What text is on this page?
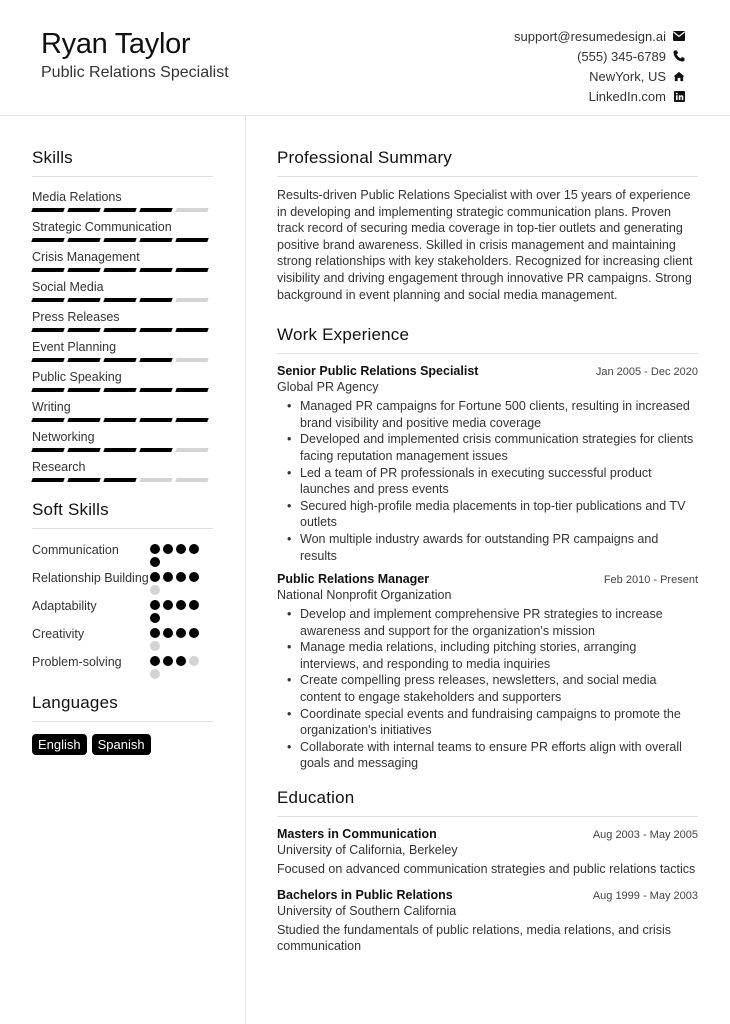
Ryan Taylor
Public Relations Specialist
support@resumedesign.ai
(555) 345-6789
NewYork, US
LinkedIn.com
Skills
Media Relations
Strategic Communication
Crisis Management
Social Media
Press Releases
Event Planning
Public Speaking
Writing
Networking
Research
Soft Skills
Communication
Relationship Building
Adaptability
Creativity
Problem-solving
Languages
English	Spanish
Professional Summary

Results-driven Public Relations Specialist with over 15 years of experience in developing and implementing strategic communication plans. Proven track record of securing media coverage in top-tier outlets and generating positive brand awareness. Skilled in crisis management and maintaining strong relationships with key stakeholders. Recognized for increasing client visibility and driving engagement through innovative PR campaigns. Strong background in event planning and social media management.

Work Experience
Senior Public Relations Specialist	Jan 2005 - Dec 2020
Global PR Agency
• Managed PR campaigns for Fortune 500 clients, resulting in increased brand visibility and positive media coverage
• Developed and implemented crisis communication strategies for clients facing reputation management issues
• Led a team of PR professionals in executing successful product launches and press events
• Secured high-profile media placements in top-tier publications and TV outlets
• Won multiple industry awards for outstanding PR campaigns and results
Public Relations Manager	Feb 2010 - Present
National Nonprofit Organization
• Develop and implement comprehensive PR strategies to increase awareness and support for the organization's mission
• Manage media relations, including pitching stories, arranging interviews, and responding to media inquiries
• Create compelling press releases, newsletters, and social media content to engage stakeholders and supporters
• Coordinate special events and fundraising campaigns to promote the organization's initiatives
• Collaborate with internal teams to ensure PR efforts align with overall goals and messaging
Education
Masters in Communication	Aug 2003 - May 2005
University of California, Berkeley
Focused on advanced communication strategies and public relations tactics
Bachelors in Public Relations	Aug 1999 - May 2003
University of Southern California
Studied the fundamentals of public relations, media relations, and crisis communication
